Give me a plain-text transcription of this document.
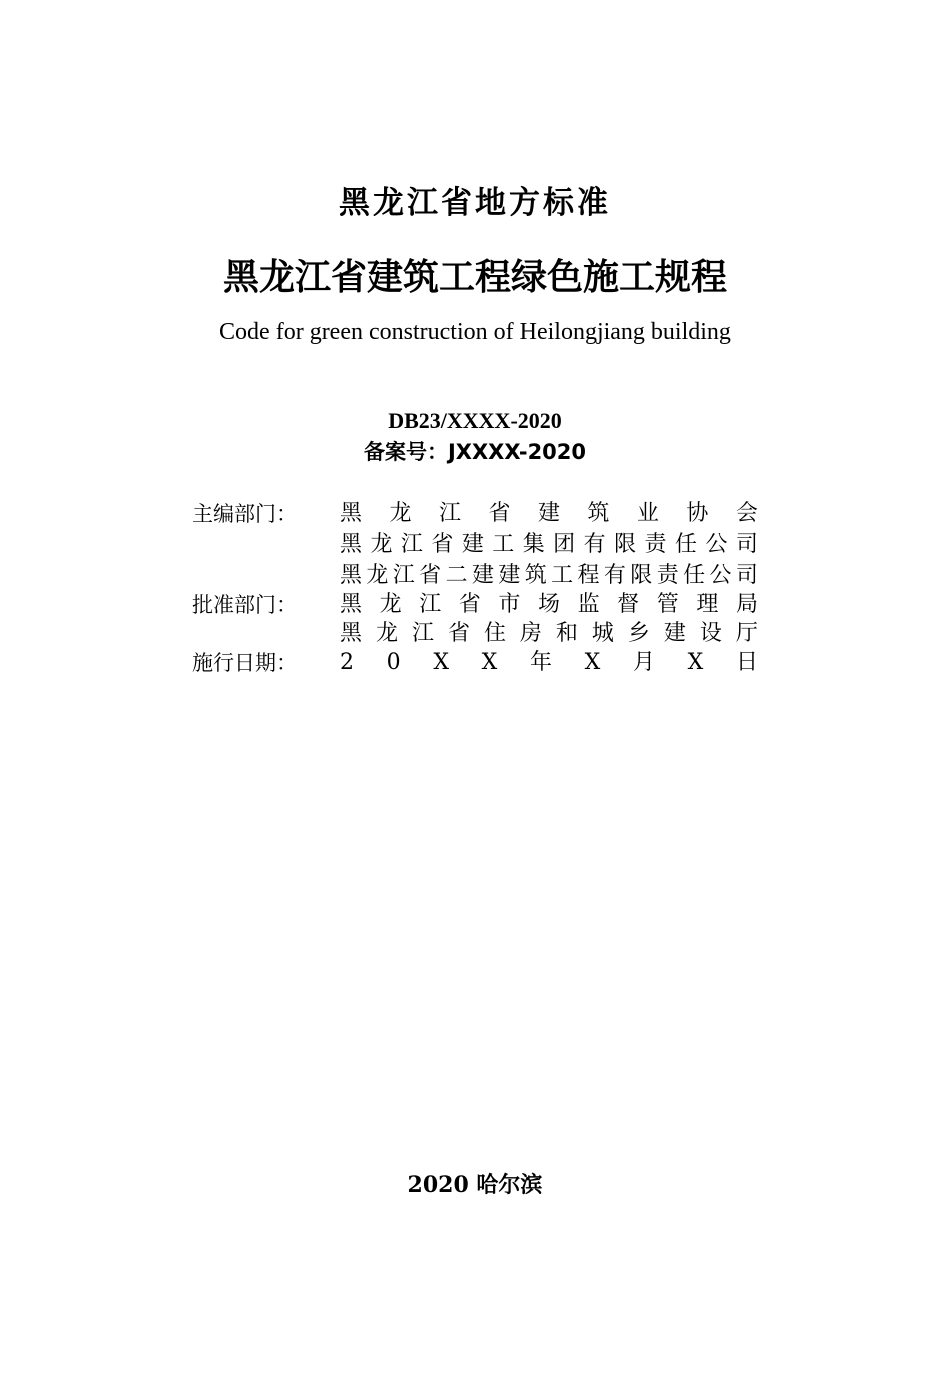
黑龙江省地方标准
黑龙江省建筑工程绿色施工规程
Code for green construction of Heilongjiang building
DB23/XXXX-2020
备案号：JXXXX-2020
主编部门： 黑 龙 江 省 建 筑 业 协 会
黑 龙 江 省 建 工 集 团 有 限 责 任 公 司
黑 龙 江 省 二 建 建 筑 工 程 有 限 责 任 公 司
批准部门： 黑 龙 江 省 市 场 监 督 管 理 局
黑 龙 江 省 住 房 和 城 乡 建 设 厅
施行日期： 2 0 X X 年 X 月 X 日
2020 哈尔滨
